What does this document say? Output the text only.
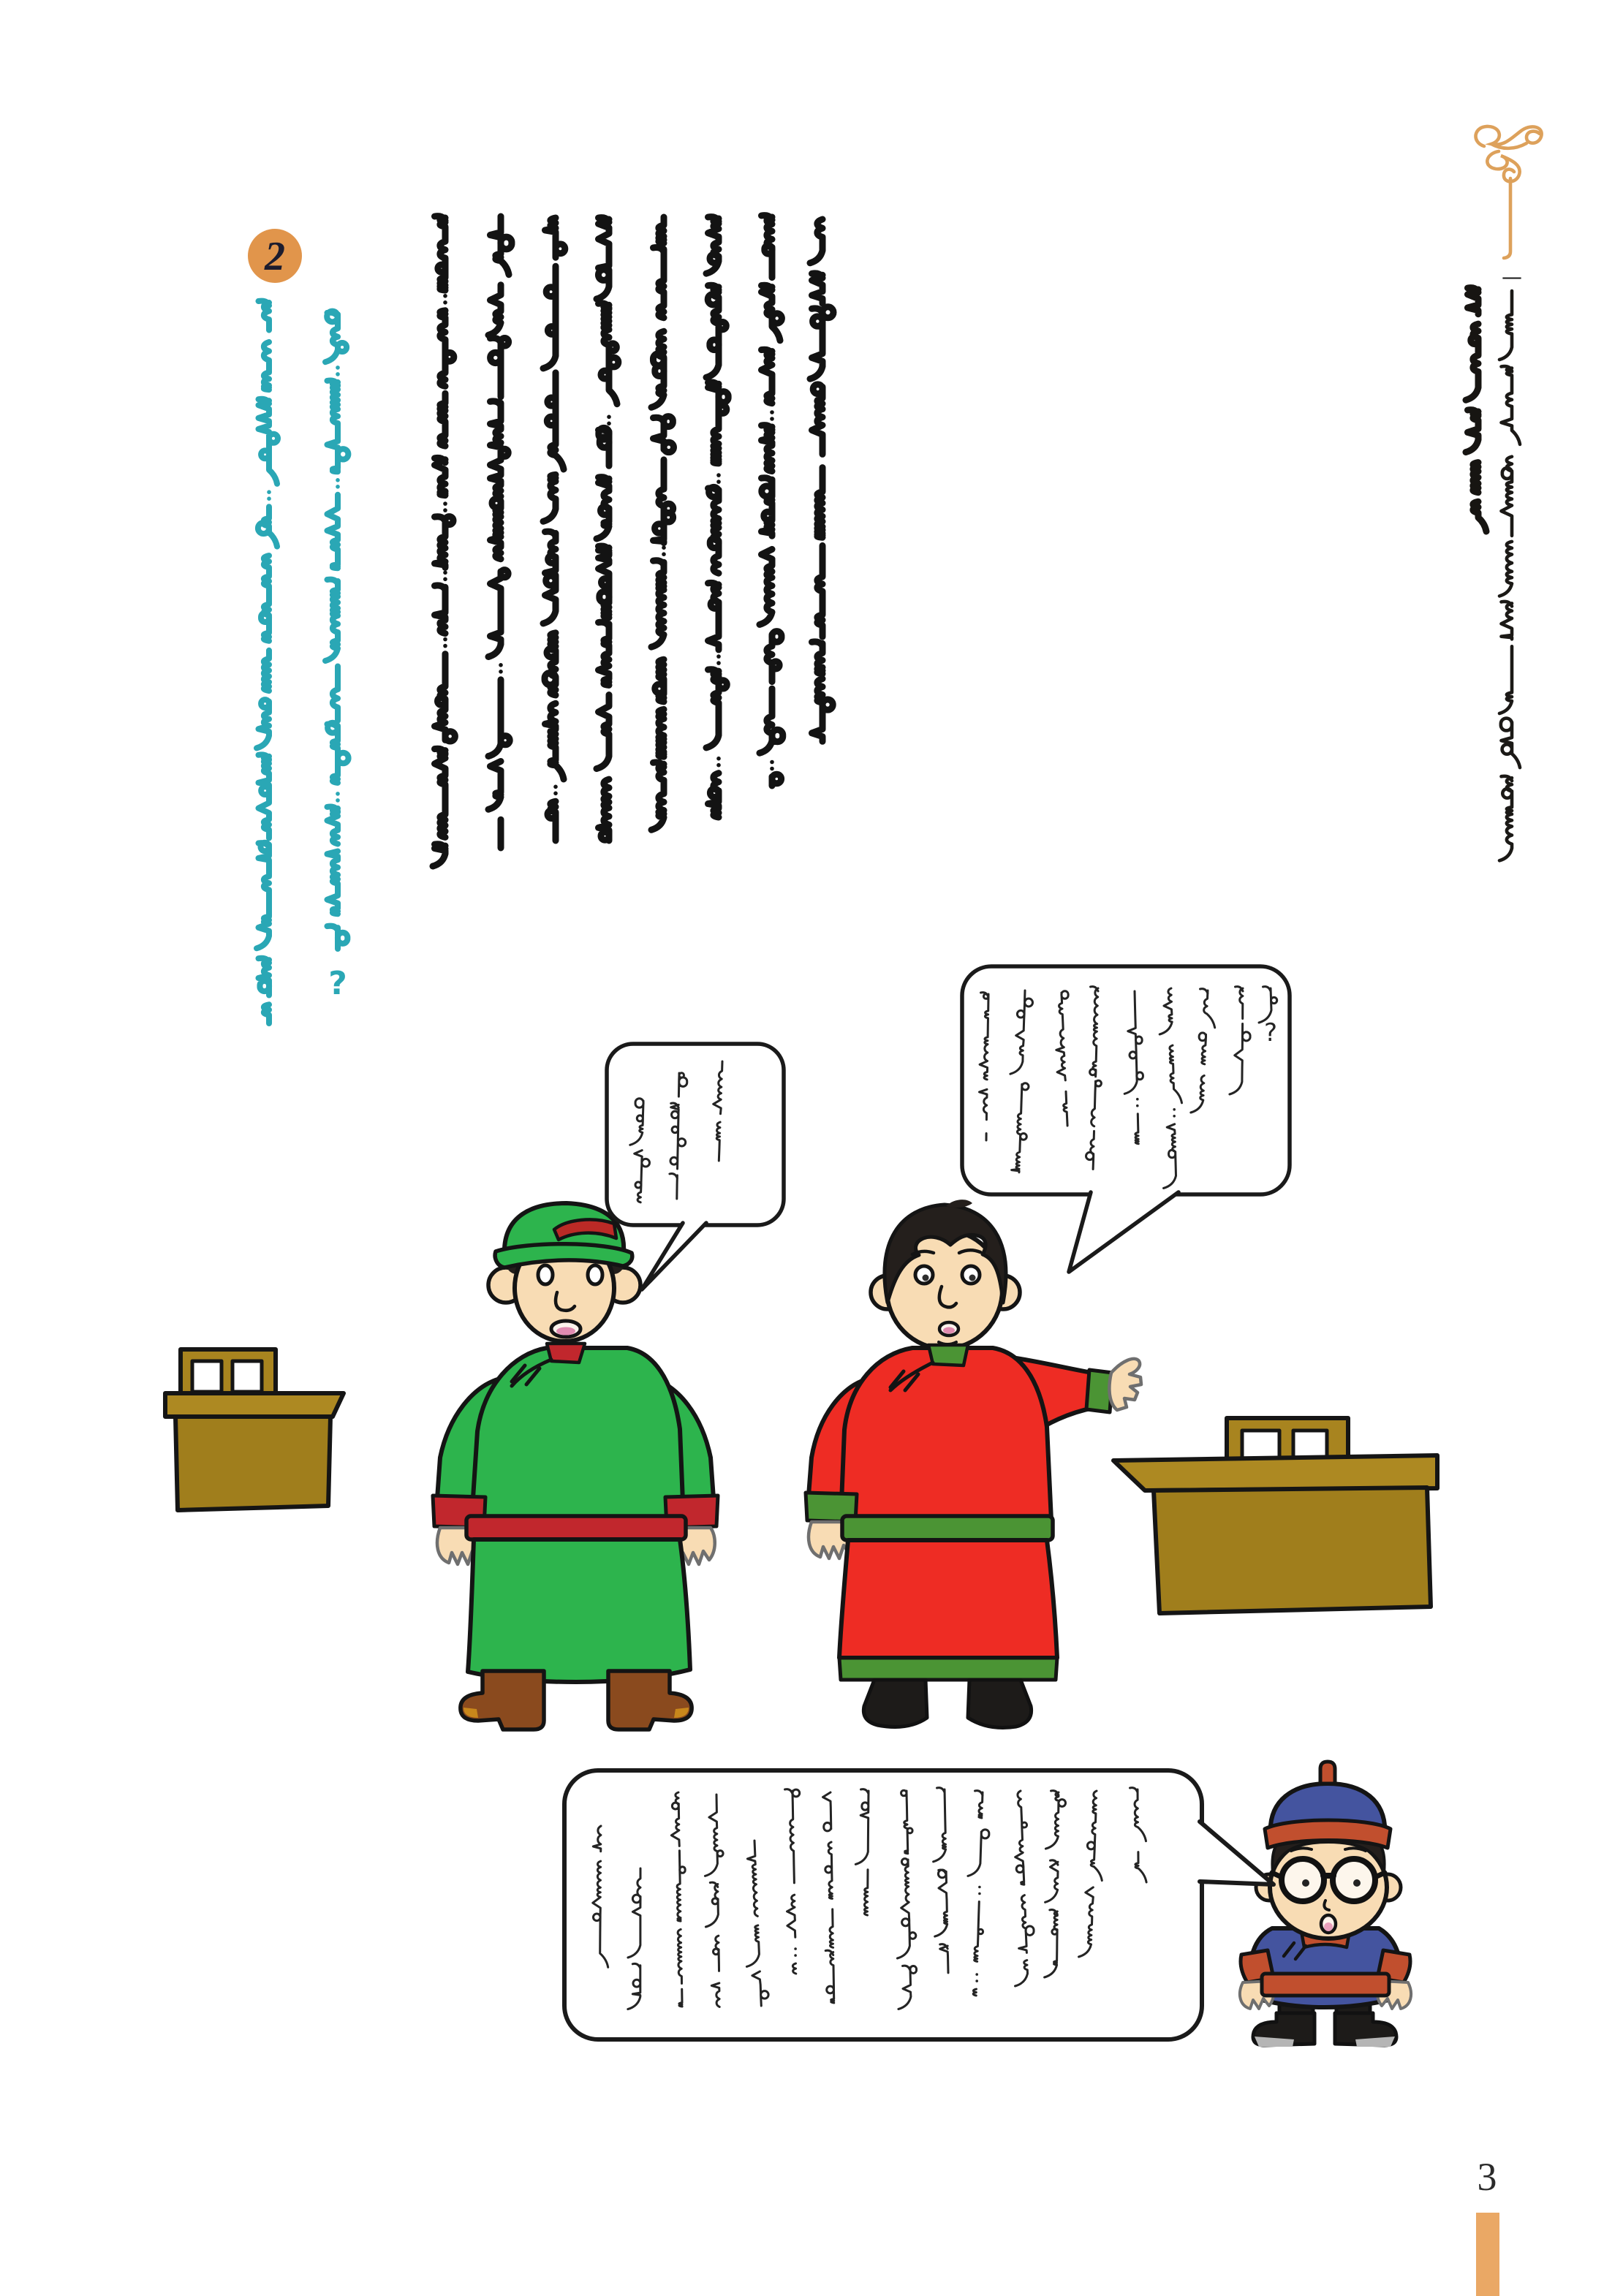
—
2
?
?
3
